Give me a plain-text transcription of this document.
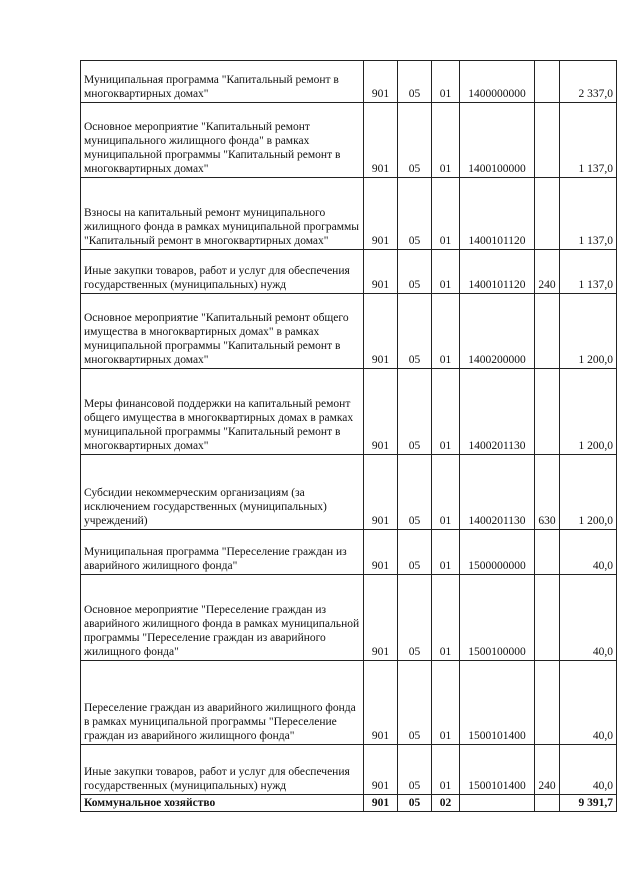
Муниципальная программа "Капитальный ремонт в многоквартирных домах"	901	05	01	1400000000		2 337,0
Основное мероприятие "Капитальный ремонт муниципального жилищного фонда" в рамках муниципальной программы "Капитальный ремонт в многоквартирных домах"	901	05	01	1400100000		1 137,0
Взносы на капитальный ремонт муниципального жилищного фонда в рамках муниципальной программы "Капитальный ремонт в многоквартирных домах"	901	05	01	1400101120		1 137,0
Иные закупки товаров, работ и услуг для обеспечения государственных (муниципальных) нужд	901	05	01	1400101120	240	1 137,0
Основное мероприятие "Капитальный ремонт общего имущества в многоквартирных домах" в рамках муниципальной программы "Капитальный ремонт в многоквартирных домах"	901	05	01	1400200000		1 200,0
Меры финансовой поддержки на капитальный ремонт общего имущества в многоквартирных домах в рамках муниципальной программы "Капитальный ремонт в многоквартирных домах"	901	05	01	1400201130		1 200,0
Субсидии некоммерческим организациям (за исключением государственных (муниципальных) учреждений)	901	05	01	1400201130	630	1 200,0
Муниципальная программа "Переселение граждан из аварийного жилищного фонда"	901	05	01	1500000000		40,0
Основное мероприятие "Переселение граждан из аварийного жилищного фонда в рамках муниципальной программы "Переселение граждан из аварийного жилищного фонда"	901	05	01	1500100000		40,0
Переселение граждан из аварийного жилищного фонда в рамках муниципальной программы "Переселение граждан из аварийного жилищного фонда"	901	05	01	1500101400		40,0
Иные закупки товаров, работ и услуг для обеспечения государственных (муниципальных) нужд	901	05	01	1500101400	240	40,0
Коммунальное хозяйство	901	05	02			9 391,7
